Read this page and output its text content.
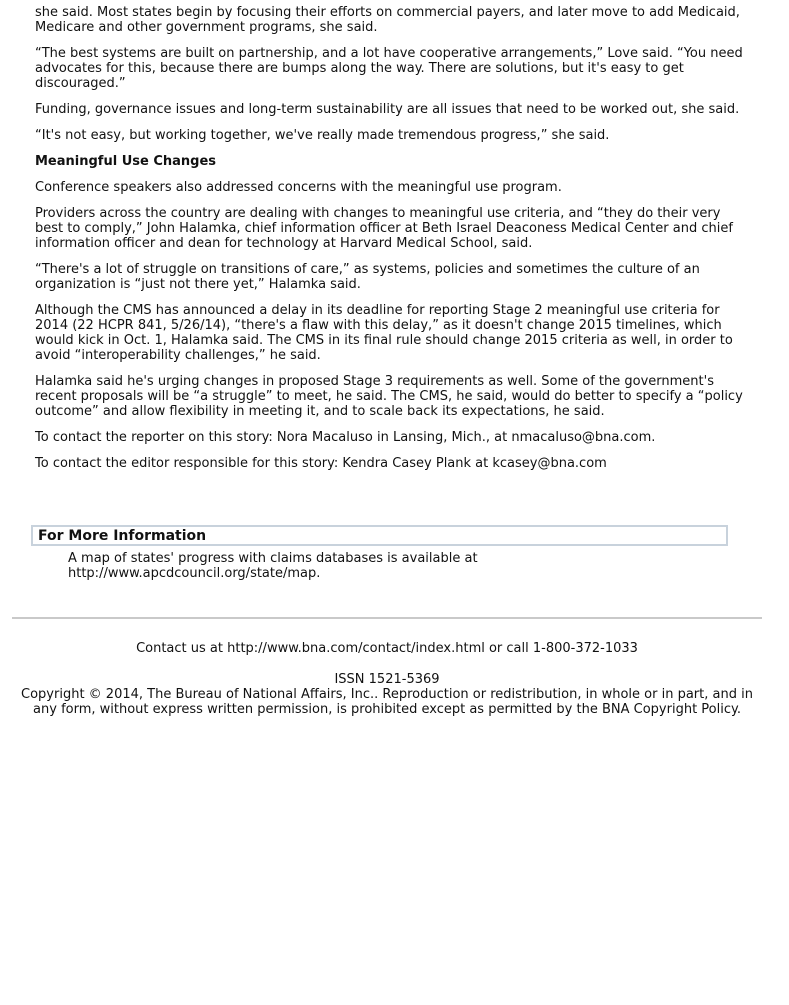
she said. Most states begin by focusing their efforts on commercial payers, and later move to add Medicaid, Medicare and other government programs, she said.

“The best systems are built on partnership, and a lot have cooperative arrangements,” Love said. “You need advocates for this, because there are bumps along the way. There are solutions, but it's easy to get discouraged.”

Funding, governance issues and long-term sustainability are all issues that need to be worked out, she said.

“It's not easy, but working together, we've really made tremendous progress,” she said.

Meaningful Use Changes

Conference speakers also addressed concerns with the meaningful use program.

Providers across the country are dealing with changes to meaningful use criteria, and “they do their very best to comply,” John Halamka, chief information officer at Beth Israel Deaconess Medical Center and chief information officer and dean for technology at Harvard Medical School, said.

“There's a lot of struggle on transitions of care,” as systems, policies and sometimes the culture of an organization is “just not there yet,” Halamka said.

Although the CMS has announced a delay in its deadline for reporting Stage 2 meaningful use criteria for 2014 (22 HCPR 841, 5/26/14), “there's a flaw with this delay,” as it doesn't change 2015 timelines, which would kick in Oct. 1, Halamka said. The CMS in its final rule should change 2015 criteria as well, in order to avoid “interoperability challenges,” he said.

Halamka said he's urging changes in proposed Stage 3 requirements as well. Some of the government's recent proposals will be “a struggle” to meet, he said. The CMS, he said, would do better to specify a “policy outcome” and allow flexibility in meeting it, and to scale back its expectations, he said.

To contact the reporter on this story: Nora Macaluso in Lansing, Mich., at nmacaluso@bna.com.

To contact the editor responsible for this story: Kendra Casey Plank at kcasey@bna.com

For More Information

A map of states' progress with claims databases is available at http://www.apcdcouncil.org/state/map.

Contact us at http://www.bna.com/contact/index.html or call 1-800-372-1033
ISSN 1521-5369
Copyright © 2014, The Bureau of National Affairs, Inc.. Reproduction or redistribution, in whole or in part, and in any form, without express written permission, is prohibited except as permitted by the BNA Copyright Policy.
